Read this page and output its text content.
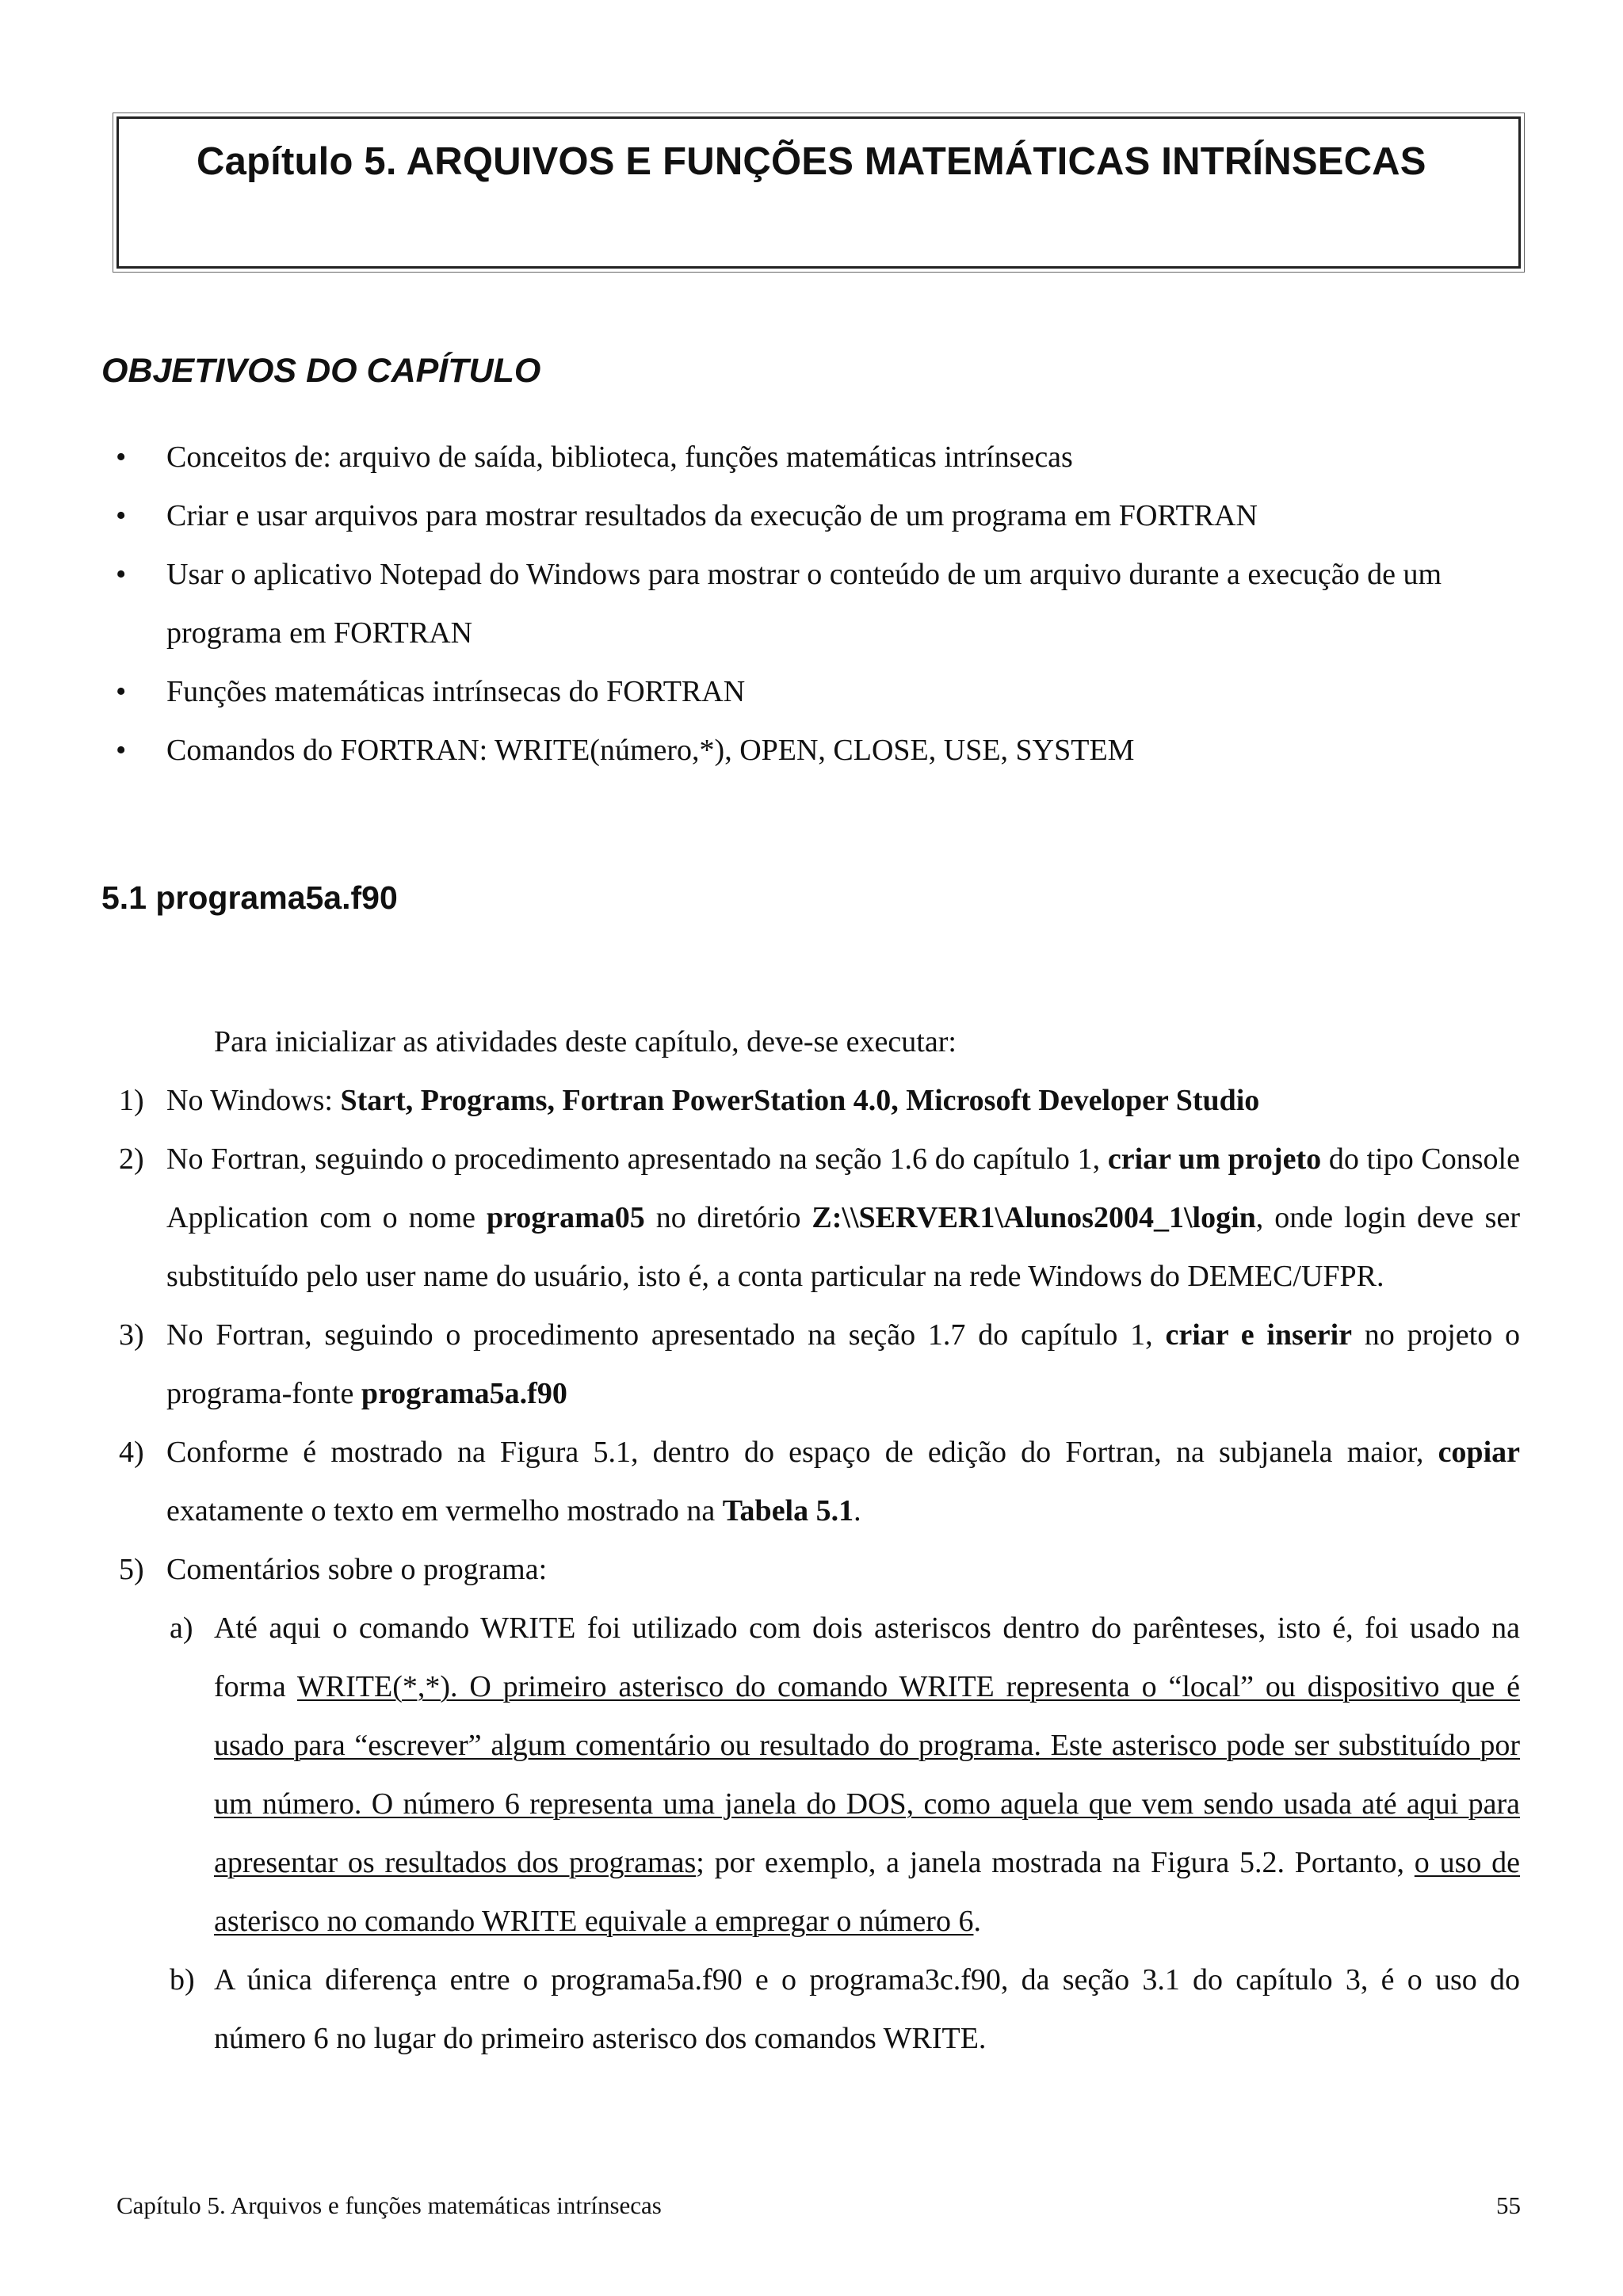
Capítulo 5. ARQUIVOS E FUNÇÕES MATEMÁTICAS INTRÍNSECAS
OBJETIVOS DO CAPÍTULO
• Conceitos de: arquivo de saída, biblioteca, funções matemáticas intrínsecas
• Criar e usar arquivos para mostrar resultados da execução de um programa em FORTRAN
• Usar o aplicativo Notepad do Windows para mostrar o conteúdo de um arquivo durante a execução de um programa em FORTRAN
• Funções matemáticas intrínsecas do FORTRAN
• Comandos do FORTRAN: WRITE(número,*), OPEN, CLOSE, USE, SYSTEM
5.1 programa5a.f90

Para inicializar as atividades deste capítulo, deve-se executar:

1) No Windows: Start, Programs, Fortran PowerStation 4.0, Microsoft Developer Studio
2) No Fortran, seguindo o procedimento apresentado na seção 1.6 do capítulo 1, criar um projeto do tipo Console Application com o nome programa05 no diretório Z:\\SERVER1\Alunos2004_1\login, onde login deve ser substituído pelo user name do usuário, isto é, a conta particular na rede Windows do DEMEC/UFPR.
3) No Fortran, seguindo o procedimento apresentado na seção 1.7 do capítulo 1, criar e inserir no projeto o programa-fonte programa5a.f90
4) Conforme é mostrado na Figura 5.1, dentro do espaço de edição do Fortran, na subjanela maior, copiar exatamente o texto em vermelho mostrado na Tabela 5.1.
5) Comentários sobre o programa:
a) Até aqui o comando WRITE foi utilizado com dois asteriscos dentro do parênteses, isto é, foi usado na forma WRITE(*,*). O primeiro asterisco do comando WRITE representa o “local” ou dispositivo que é usado para “escrever” algum comentário ou resultado do programa. Este asterisco pode ser substituído por um número. O número 6 representa uma janela do DOS, como aquela que vem sendo usada até aqui para apresentar os resultados dos programas; por exemplo, a janela mostrada na Figura 5.2. Portanto, o uso de asterisco no comando WRITE equivale a empregar o número 6.
b) A única diferença entre o programa5a.f90 e o programa3c.f90, da seção 3.1 do capítulo 3, é o uso do número 6 no lugar do primeiro asterisco dos comandos WRITE.
Capítulo 5. Arquivos e funções matemáticas intrínsecas	55
